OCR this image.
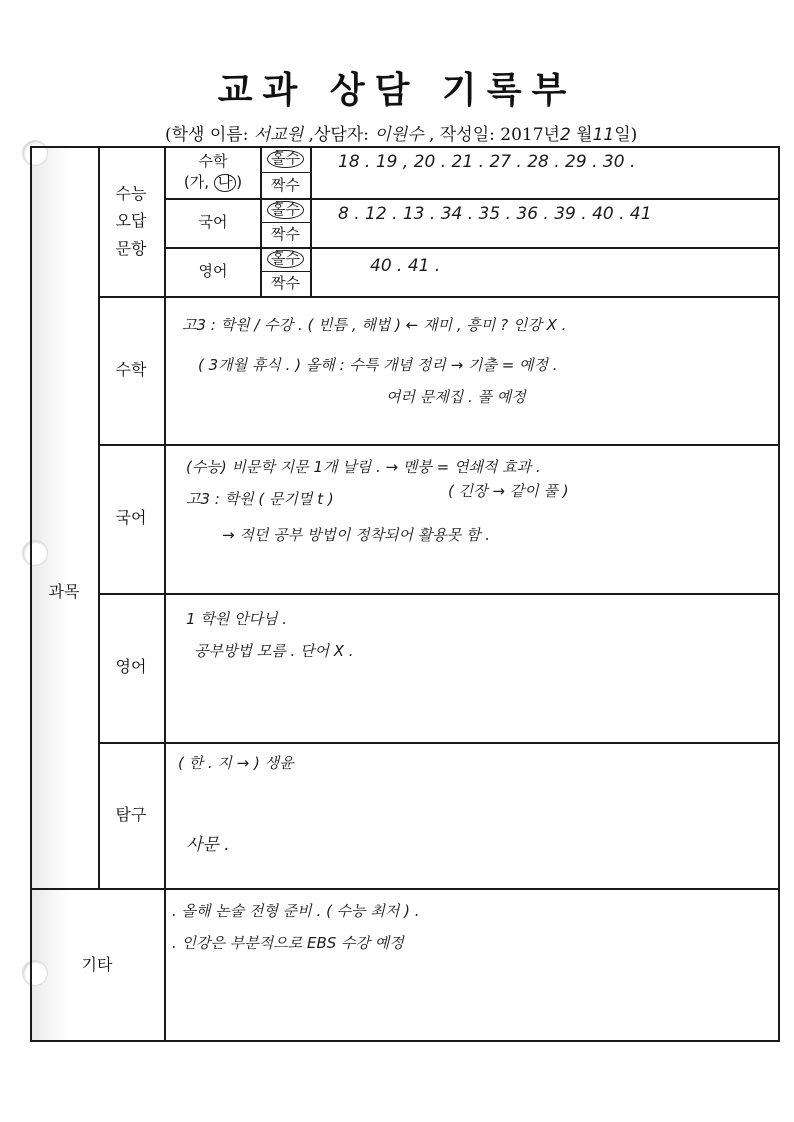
교과 상담 기록부
(학생 이름: 서교원 ,상담자: 이원수 , 작성일: 2017년2 월11일)
수능
오답
문항
과목
기타
수학
(가, 나 )
국어
영어
홀수
짝수
홀수
짝수
홀수
짝수
18 . 19 , 20 . 21 . 27 . 28 . 29 . 30 .
8 . 12 . 13 . 34 . 35 . 36 . 39 . 40 . 41
40 . 41 .
수학
국어
영어
탐구
고3 : 학원 / 수강 . ( 빈틈 , 해법 ) ← 재미 , 흥미 ? 인강 X .
( 3개월 휴식 . ) 올해 : 수특 개념 정리 → 기출 = 예정 .
여러 문제집 . 풀 예정
(수능) 비문학 지문 1개 날림 . → 멘붕 = 연쇄적 효과 .
( 긴장 → 같이 풀 )
고3 : 학원 ( 문기멀 t )
→ 적던 공부 방법이 정착되어 활용못 함 .
1 학원 안다님 .
공부방법 모름 . 단어 X .
( 한 . 지 → ) 생윤
사문 .
. 올해 논술 전형 준비 . ( 수능 최저 ) .
. 인강은 부분적으로 EBS 수강 예정
